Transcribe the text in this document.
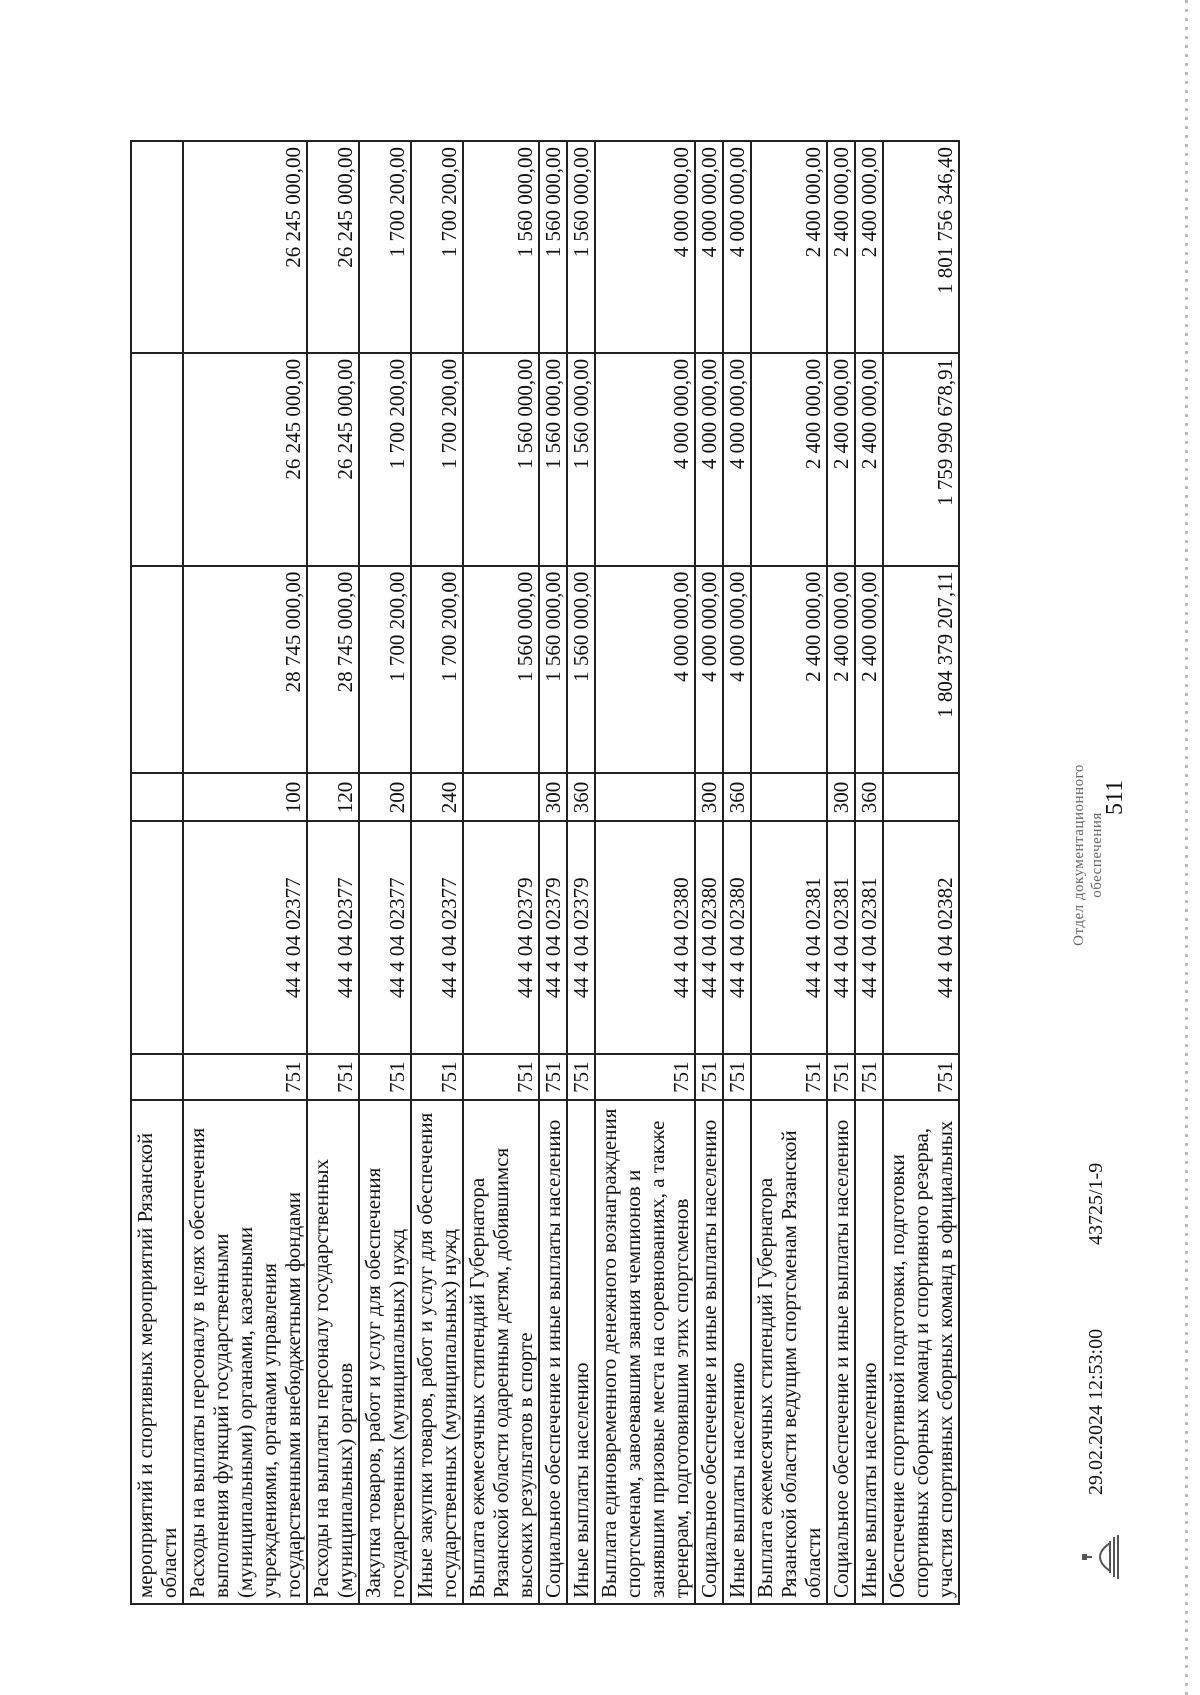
511
мероприятий и спортивных мероприятий Рязанской области						
Расходы на выплаты персоналу в целях обеспечения выполнения функций государственными (муниципальными) органами, казенными учреждениями, органами управления государственными внебюджетными фондами	751	44 4 04 02377	100	28 745 000,00	26 245 000,00	26 245 000,00
Расходы на выплаты персоналу государственных (муниципальных) органов	751	44 4 04 02377	120	28 745 000,00	26 245 000,00	26 245 000,00
Закупка товаров, работ и услуг для обеспечения государственных (муниципальных) нужд	751	44 4 04 02377	200	1 700 200,00	1 700 200,00	1 700 200,00
Иные закупки товаров, работ и услуг для обеспечения государственных (муниципальных) нужд	751	44 4 04 02377	240	1 700 200,00	1 700 200,00	1 700 200,00
Выплата ежемесячных стипендий Губернатора Рязанской области одаренным детям, добившимся высоких результатов в спорте	751	44 4 04 02379		1 560 000,00	1 560 000,00	1 560 000,00
Социальное обеспечение и иные выплаты населению	751	44 4 04 02379	300	1 560 000,00	1 560 000,00	1 560 000,00
Иные выплаты населению	751	44 4 04 02379	360	1 560 000,00	1 560 000,00	1 560 000,00
Выплата единовременного денежного вознаграждения спортсменам, завоевавшим звания чемпионов и занявшим призовые места на соревнованиях, а также тренерам, подготовившим этих спортсменов	751	44 4 04 02380		4 000 000,00	4 000 000,00	4 000 000,00
Социальное обеспечение и иные выплаты населению	751	44 4 04 02380	300	4 000 000,00	4 000 000,00	4 000 000,00
Иные выплаты населению	751	44 4 04 02380	360	4 000 000,00	4 000 000,00	4 000 000,00
Выплата ежемесячных стипендий Губернатора Рязанской области ведущим спортсменам Рязанской области	751	44 4 04 02381		2 400 000,00	2 400 000,00	2 400 000,00
Социальное обеспечение и иные выплаты населению	751	44 4 04 02381	300	2 400 000,00	2 400 000,00	2 400 000,00
Иные выплаты населению	751	44 4 04 02381	360	2 400 000,00	2 400 000,00	2 400 000,00
Обеспечение спортивной подготовки, подготовки спортивных сборных команд и спортивного резерва, участия спортивных сборных команд в официальных	751	44 4 04 02382		1 804 379 207,11	1 759 990 678,91	1 801 756 346,40
29.02.2024 12:53:00
43725/1-9
Отдел документационного обеспечения
